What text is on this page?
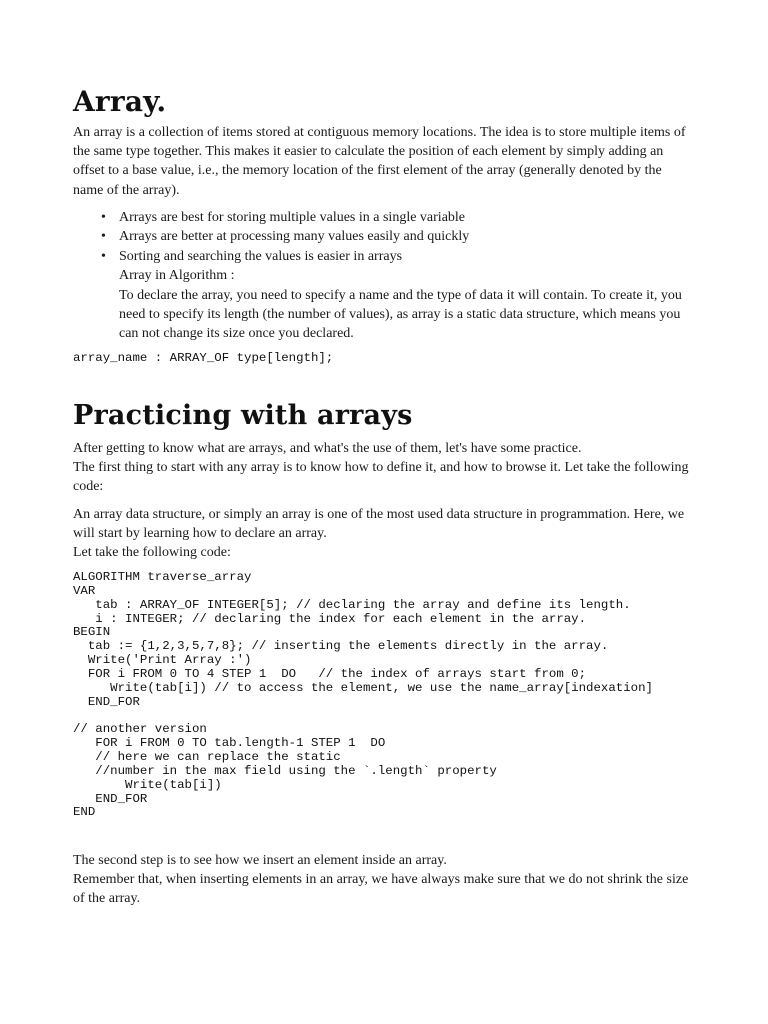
Array.

An array is a collection of items stored at contiguous memory locations. The idea is to store multiple items of the same type together. This makes it easier to calculate the position of each element by simply adding an offset to a base value, i.e., the memory location of the first element of the array (generally denoted by the name of the array).

• Arrays are best for storing multiple values in a single variable
• Arrays are better at processing many values easily and quickly
• Sorting and searching the values is easier in arrays
Array in Algorithm :
To declare the array, you need to specify a name and the type of data it will contain. To create it, you need to specify its length (the number of values), as array is a static data structure, which means you can not change its size once you declared.
array_name : ARRAY_OF type[length];
Practicing with arrays

After getting to know what are arrays, and what's the use of them, let's have some practice.

The first thing to start with any array is to know how to define it, and how to browse it. Let take the following code:

An array data structure, or simply an array is one of the most used data structure in programmation. Here, we will start by learning how to declare an array.

Let take the following code:

ALGORITHM traverse_array
VAR
tab : ARRAY_OF INTEGER[5]; // declaring the array and define its length.
i : INTEGER; // declaring the index for each element in the array.
BEGIN
tab := {1,2,3,5,7,8}; // inserting the elements directly in the array.
Write('Print Array :')
FOR i FROM 0 TO 4 STEP 1  DO   // the index of arrays start from 0;
Write(tab[i]) // to access the element, we use the name_array[indexation]
END_FOR

// another version
FOR i FROM 0 TO tab.length-1 STEP 1  DO
// here we can replace the static
//number in the max field using the `.length` property
Write(tab[i])
END_FOR
END

The second step is to see how we insert an element inside an array.

Remember that, when inserting elements in an array, we have always make sure that we do not shrink the size of the array.
